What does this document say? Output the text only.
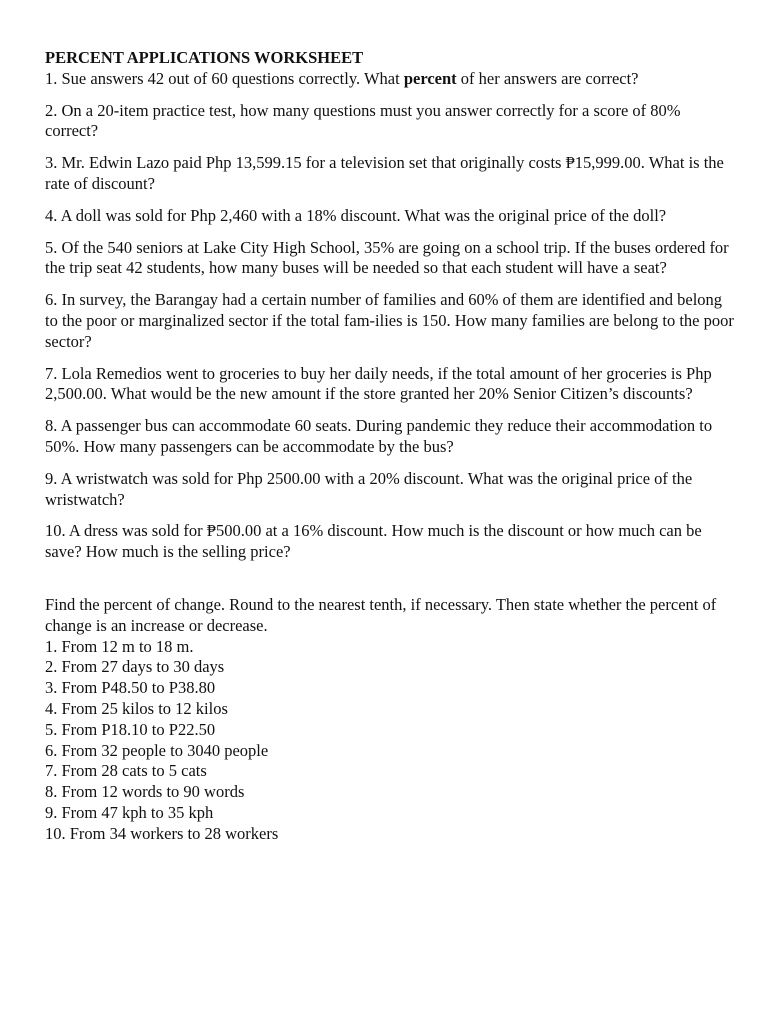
PERCENT APPLICATIONS WORKSHEET

1. Sue answers 42 out of 60 questions correctly. What percent of her answers are correct?

2. On a 20-item practice test, how many questions must you answer correctly for a score of 80% correct?

3. Mr. Edwin Lazo paid Php 13,599.15 for a television set that originally costs ₱15,999.00. What is the rate of discount?

4. A doll was sold for Php 2,460 with a 18% discount. What was the original price of the doll?

5. Of the 540 seniors at Lake City High School, 35% are going on a school trip. If the buses ordered for the trip seat 42 students, how many buses will be needed so that each student will have a seat?

6. In survey, the Barangay had a certain number of families and 60% of them are identified and belong to the poor or marginalized sector if the total fam-ilies is 150. How many families are belong to the poor sector?

7. Lola Remedios went to groceries to buy her daily needs, if the total amount of her groceries is Php 2,500.00. What would be the new amount if the store granted her 20% Senior Citizen’s discounts?

8. A passenger bus can accommodate 60 seats. During pandemic they reduce their accommodation to 50%. How many passengers can be accommodate by the bus?

9. A wristwatch was sold for Php 2500.00 with a 20% discount. What was the original price of the wristwatch?

10. A dress was sold for ₱500.00 at a 16% discount. How much is the discount or how much can be save? How much is the selling price?

Find the percent of change. Round to the nearest tenth, if necessary. Then state whether the percent of change is an increase or decrease.

1. From 12 m to 18 m.

2. From 27 days to 30 days

3. From P48.50 to P38.80

4. From 25 kilos to 12 kilos

5. From P18.10 to P22.50

6. From 32 people to 3040 people

7. From 28 cats to 5 cats

8. From 12 words to 90 words

9. From 47 kph to 35 kph

10. From 34 workers to 28 workers
